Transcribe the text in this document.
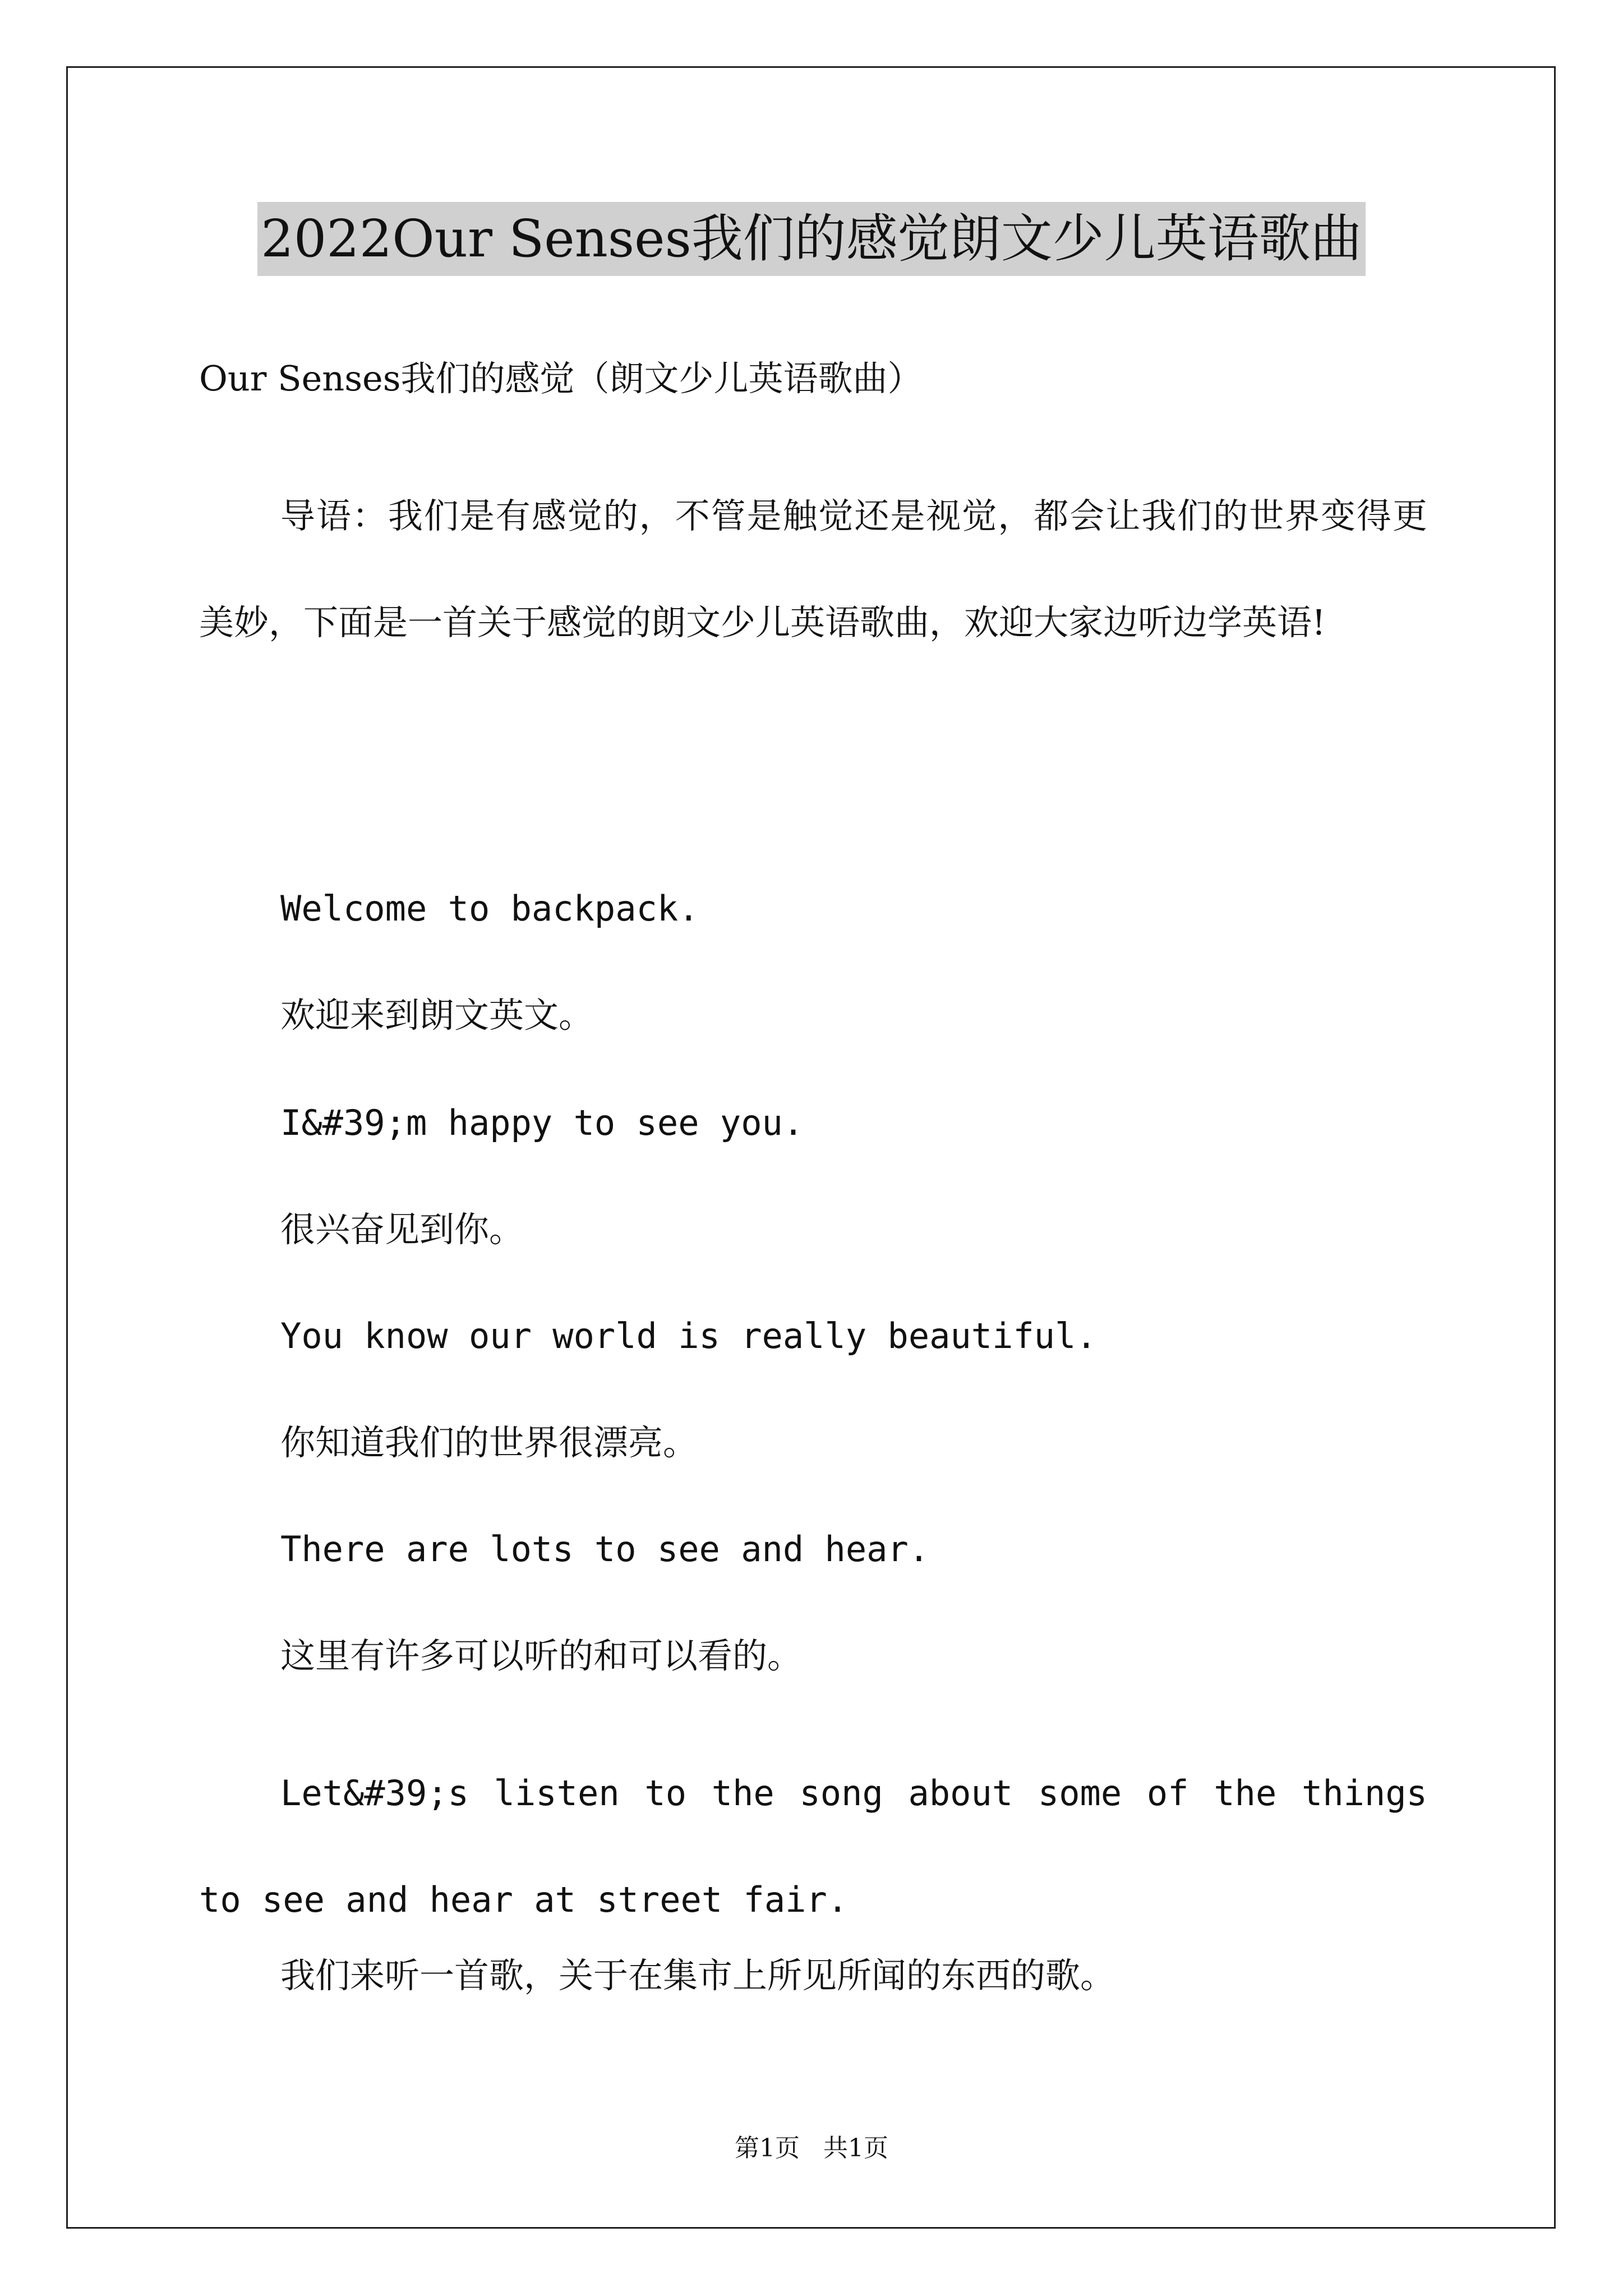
2022Our Senses我们的感觉朗文少儿英语歌曲
Our Senses我们的感觉（朗文少儿英语歌曲）
导语：我们是有感觉的，不管是触觉还是视觉，都会让我们的世界变得更美妙，下面是一首关于感觉的朗文少儿英语歌曲，欢迎大家边听边学英语!
Welcome to backpack.
欢迎来到朗文英文。
I&#39;m happy to see you.
很兴奋见到你。
You know our world is really beautiful.
你知道我们的世界很漂亮。
There are lots to see and hear.
这里有许多可以听的和可以看的。
Let&#39;s listen to the song about some of the things to see and hear at street fair.
我们来听一首歌，关于在集市上所见所闻的东西的歌。
第1页   共1页
